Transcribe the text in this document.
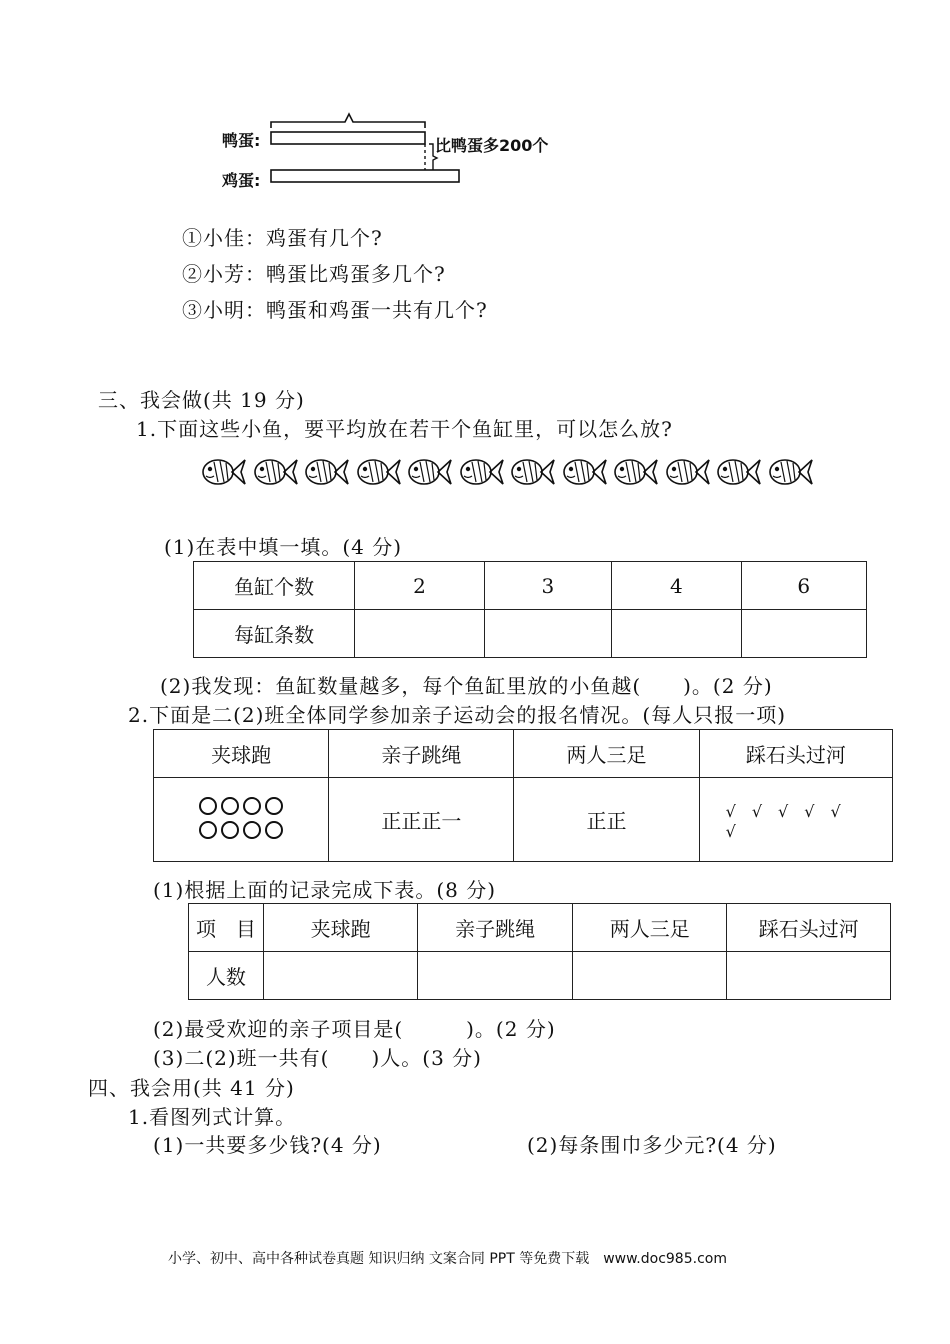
鸭蛋:
鸡蛋:
比鸭蛋多200个
①小佳：鸡蛋有几个?
②小芳：鸭蛋比鸡蛋多几个?
③小明：鸭蛋和鸡蛋一共有几个?
三、我会做(共 19 分)
1.下面这些小鱼，要平均放在若干个鱼缸里，可以怎么放?
(1)在表中填一填。(4 分)
鱼缸个数	2	3	4	6
每缸条数				
(2)我发现：鱼缸数量越多，每个鱼缸里放的小鱼越(　　)。(2 分)
2.下面是二(2)班全体同学参加亲子运动会的报名情况。(每人只报一项)
夹球跑	亲子跳绳	两人三足	踩石头过河

	正正正一	正正	√　√　√　√　√
√
(1)根据上面的记录完成下表。(8 分)
项　目	夹球跑	亲子跳绳	两人三足	踩石头过河
人数				
(2)最受欢迎的亲子项目是(　　　)。(2 分)
(3)二(2)班一共有(　　)人。(3 分)
四、我会用(共 41 分)
1.看图列式计算。
(1)一共要多少钱?(4 分)	(2)每条围巾多少元?(4 分)
小学、初中、高中各种试卷真题 知识归纳 文案合同 PPT 等免费下载　www.doc985.com
